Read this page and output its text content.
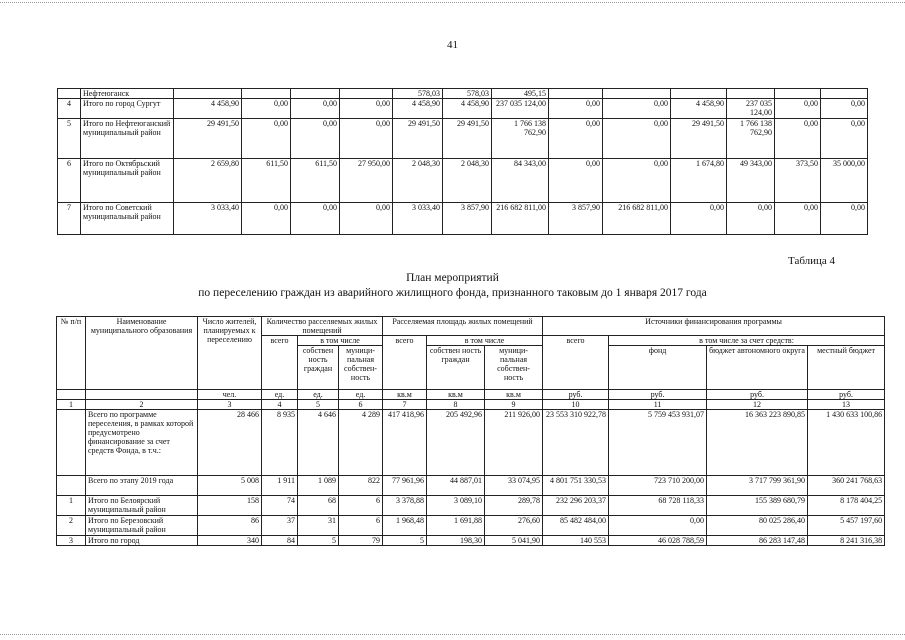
41
	Нефтеюганск					578,03	578,03	495,15						
4	Итого по город Сургут	4 458,90	0,00	0,00	0,00	4 458,90	4 458,90	237 035 124,00	0,00	0,00	4 458,90	237 035 124,00	0,00	0,00
5	Итого по Нефтеюганский муниципальный район	29 491,50	0,00	0,00	0,00	29 491,50	29 491,50	1 766 138 762,90	0,00	0,00	29 491,50	1 766 138 762,90	0,00	0,00
6	Итого по Октябрьский муниципальный район	2 659,80	611,50	611,50	27 950,00	2 048,30	2 048,30	84 343,00	0,00	0,00	1 674,80	49 343,00	373,50	35 000,00
7	Итого по Советский муниципальный район	3 033,40	0,00	0,00	0,00	3 033,40	3 857,90	216 682 811,00	3 857,90	216 682 811,00	0,00	0,00	0,00	0,00
Таблица 4
План мероприятий
по переселению граждан из аварийного жилищного фонда, признанного таковым до 1 января 2017 года
№ п/п	Наименование муниципального образования	Число жителей, планируемых к переселению	Количество расселяемых жилых помещений			Расселяемая площадь жилых помещений			Источники финансирования программы			
			всего	в том числе		всего	в том числе		всего	в том числе за счет средств:		
				собствен ность граждан	муници- пальная собствен- ность		собствен ность граждан	муници- пальная собствен- ность		фонд	бюджет автономного округа	местный бюджет
		чел.	ед.	ед.	ед.	кв.м	кв.м	кв.м	руб.	руб.	руб.	руб.
1	2	3	4	5	6	7	8	9	10	11	12	13
	Всего по программе переселения, в рамках которой предусмотрено финансирование за счет средств Фонда, в т.ч.:	28 466	8 935	4 646	4 289	417 418,96	205 492,96	211 926,00	23 553 310 922,78	5 759 453 931,07	16 363 223 890,85	1 430 633 100,86
	Всего по этапу 2019 года	5 008	1 911	1 089	822	77 961,96	44 887,01	33 074,95	4 801 751 330,53	723 710 200,00	3 717 799 361,90	360 241 768,63
1	Итого по Белоярский муниципальный район	158	74	68	6	3 378,88	3 089,10	289,78	232 296 203,37	68 728 118,33	155 389 680,79	8 178 404,25
2	Итого по Березовский муниципальный район	86	37	31	6	1 968,48	1 691,88	276,60	85 482 484,00	0,00	80 025 286,40	5 457 197,60
3	Итого по город	340	84	5	79	5	198,30	5 041,90	140 553	46 028 788,59	86 283 147,48	8 241 316,38
